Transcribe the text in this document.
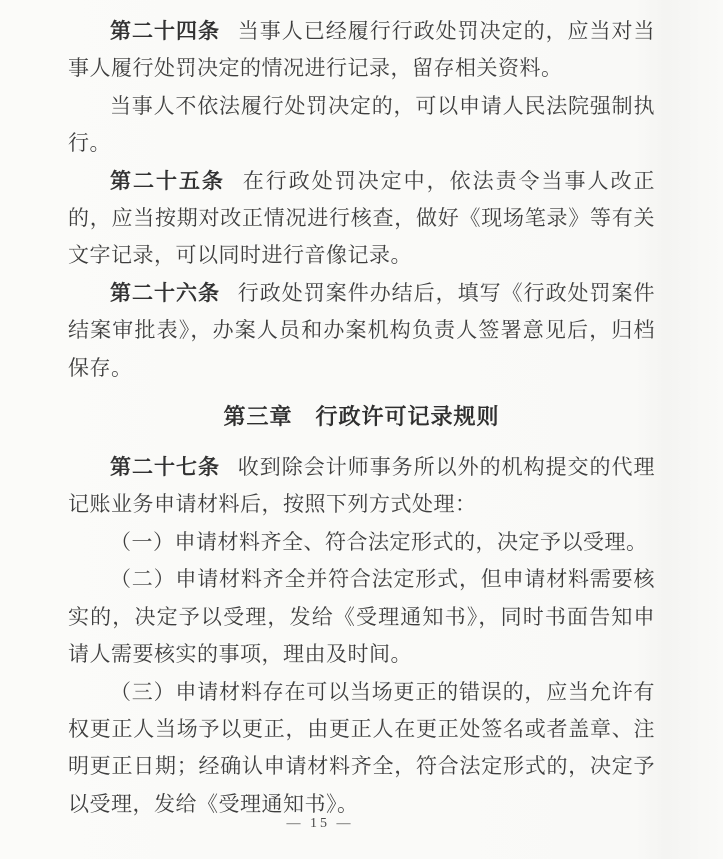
第二十四条 当事人已经履行行政处罚决定的，应当对当事人履行处罚决定的情况进行记录，留存相关资料。

当事人不依法履行处罚决定的，可以申请人民法院强制执行。

第二十五条 在行政处罚决定中，依法责令当事人改正的，应当按期对改正情况进行核查，做好《现场笔录》等有关文字记录，可以同时进行音像记录。

第二十六条 行政处罚案件办结后，填写《行政处罚案件结案审批表》，办案人员和办案机构负责人签署意见后，归档保存。

第三章　行政许可记录规则

第二十七条 收到除会计师事务所以外的机构提交的代理记账业务申请材料后，按照下列方式处理：

（一）申请材料齐全、符合法定形式的，决定予以受理。

（二）申请材料齐全并符合法定形式，但申请材料需要核实的，决定予以受理，发给《受理通知书》，同时书面告知申请人需要核实的事项，理由及时间。

（三）申请材料存在可以当场更正的错误的，应当允许有权更正人当场予以更正，由更正人在更正处签名或者盖章、注明更正日期；经确认申请材料齐全，符合法定形式的，决定予以受理，发给《受理通知书》。

— 15 —
